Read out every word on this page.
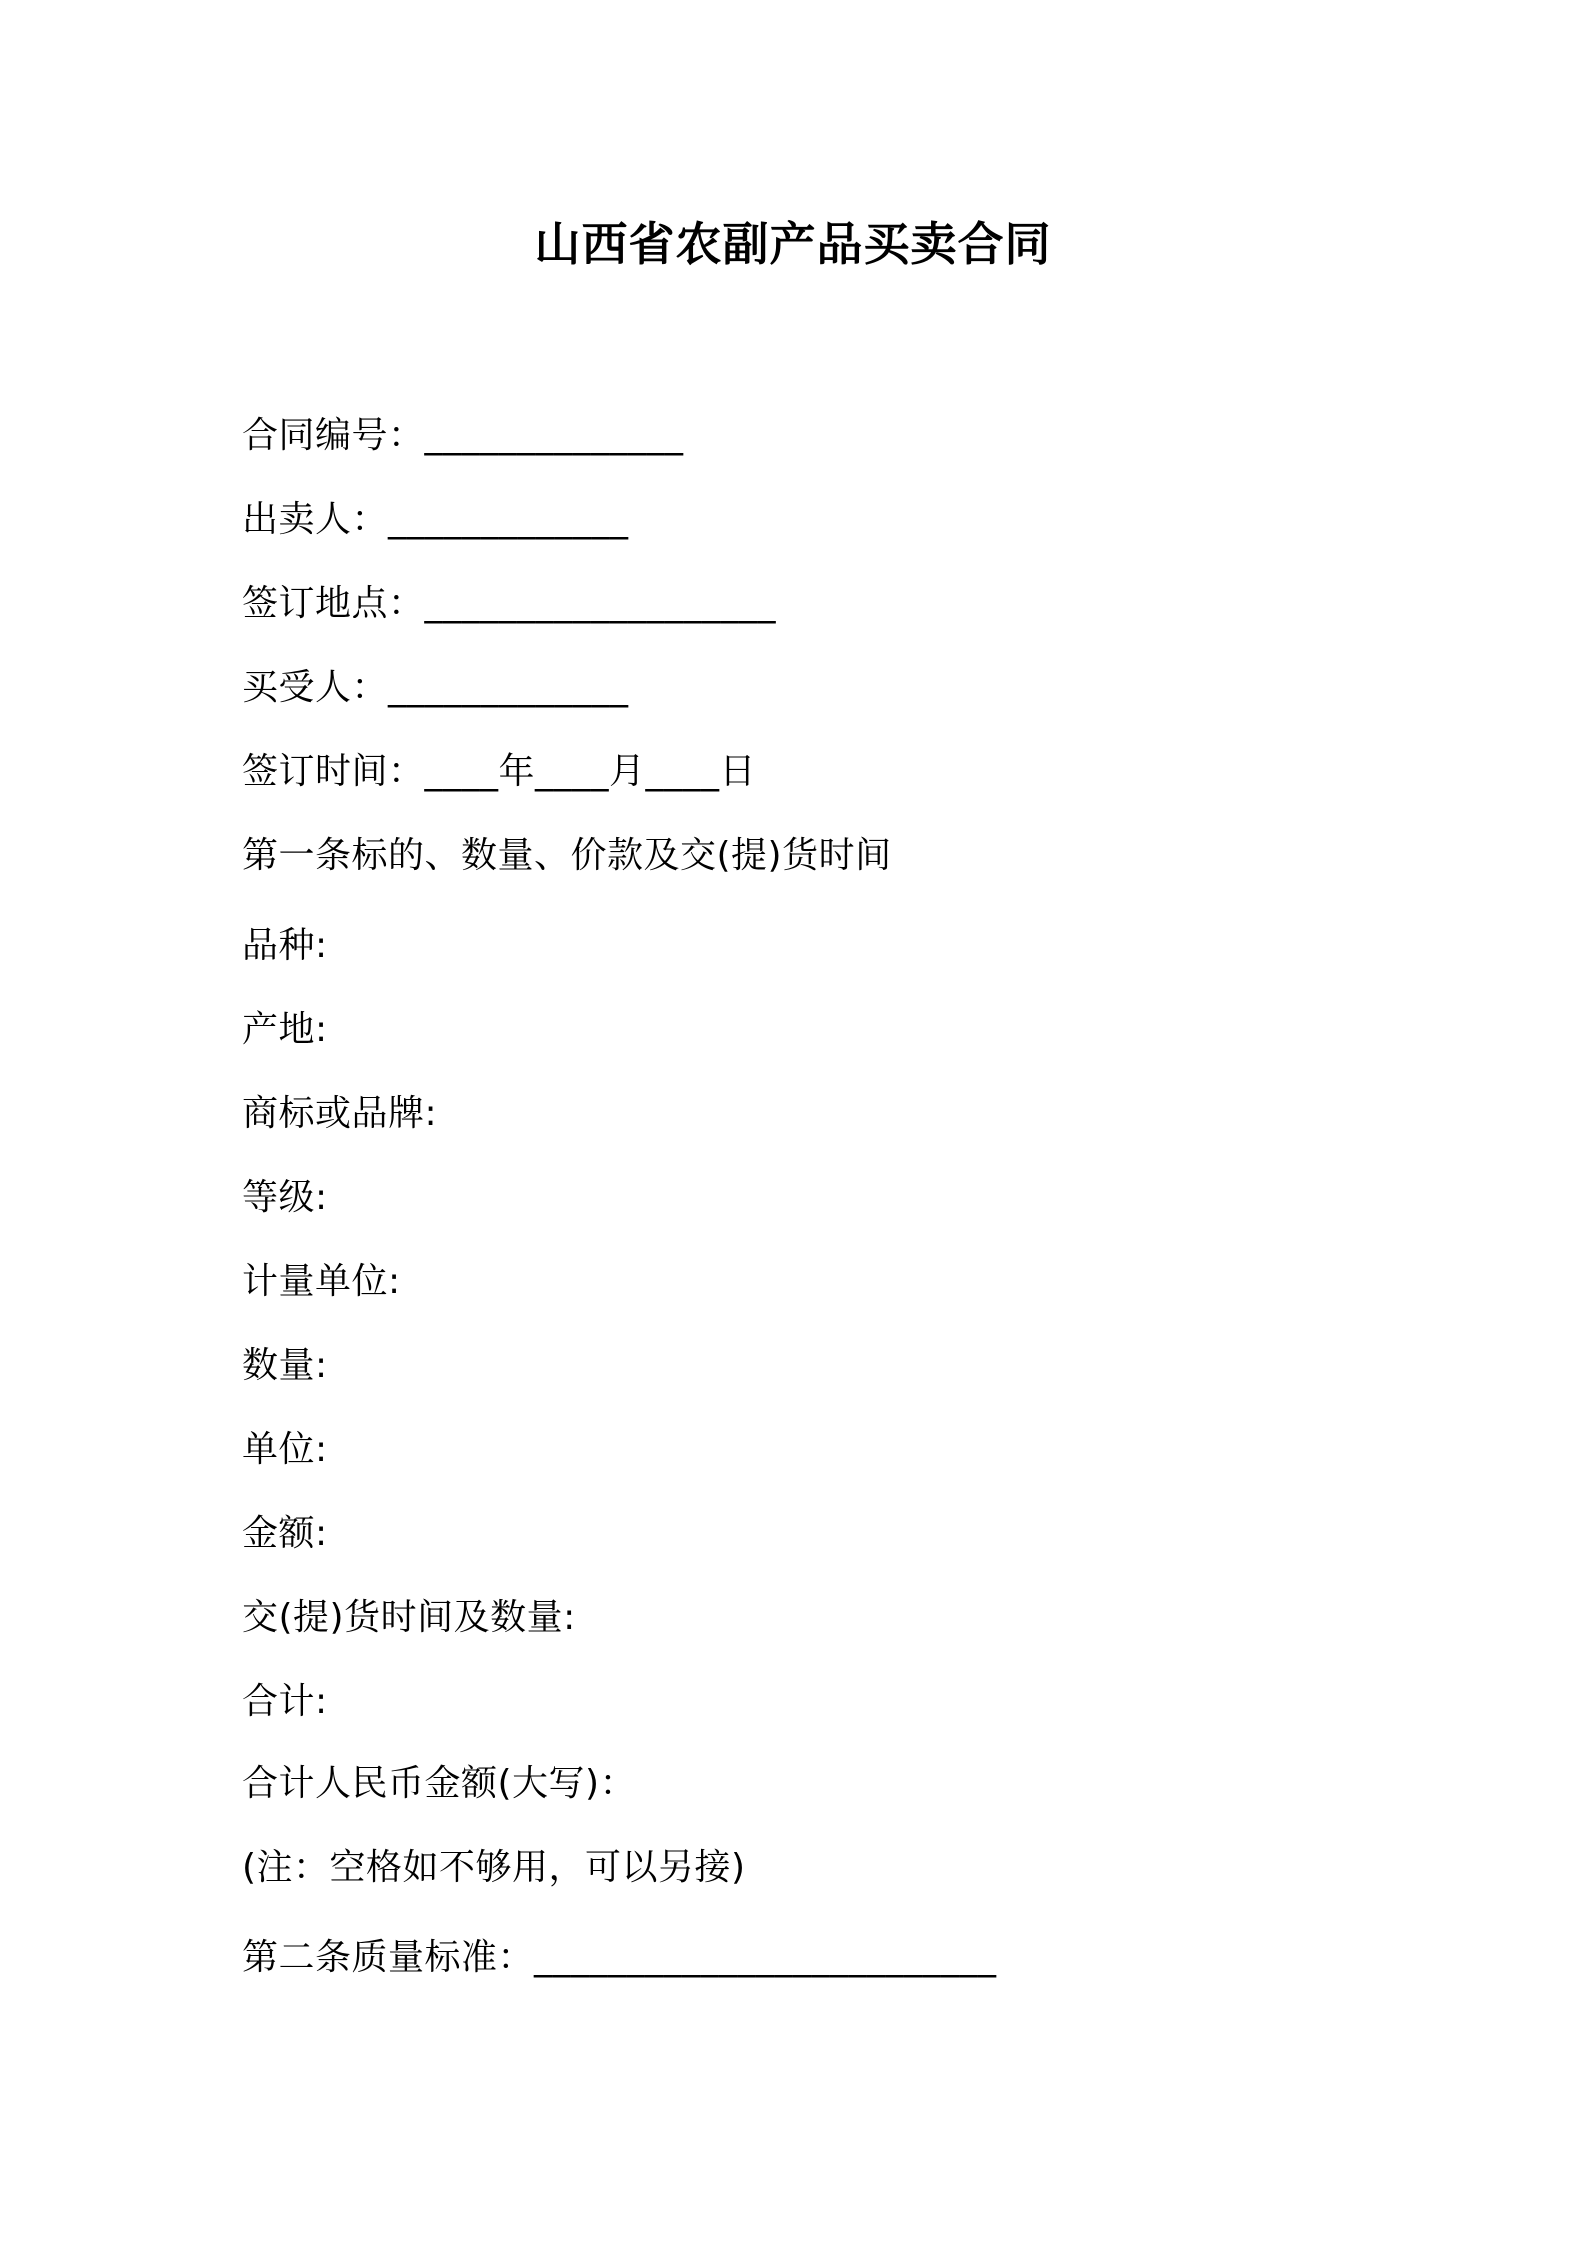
山西省农副产品买卖合同
合同编号：______________
出卖人：_____________
签订地点：___________________
买受人：_____________
签订时间：____年____月____日
第一条标的、数量、价款及交(提)货时间
品种:
产地:
商标或品牌:
等级:
计量单位:
数量:
单位:
金额:
交(提)货时间及数量:
合计:
合计人民币金额(大写)：
(注：空格如不够用，可以另接)
第二条质量标准：_________________________
